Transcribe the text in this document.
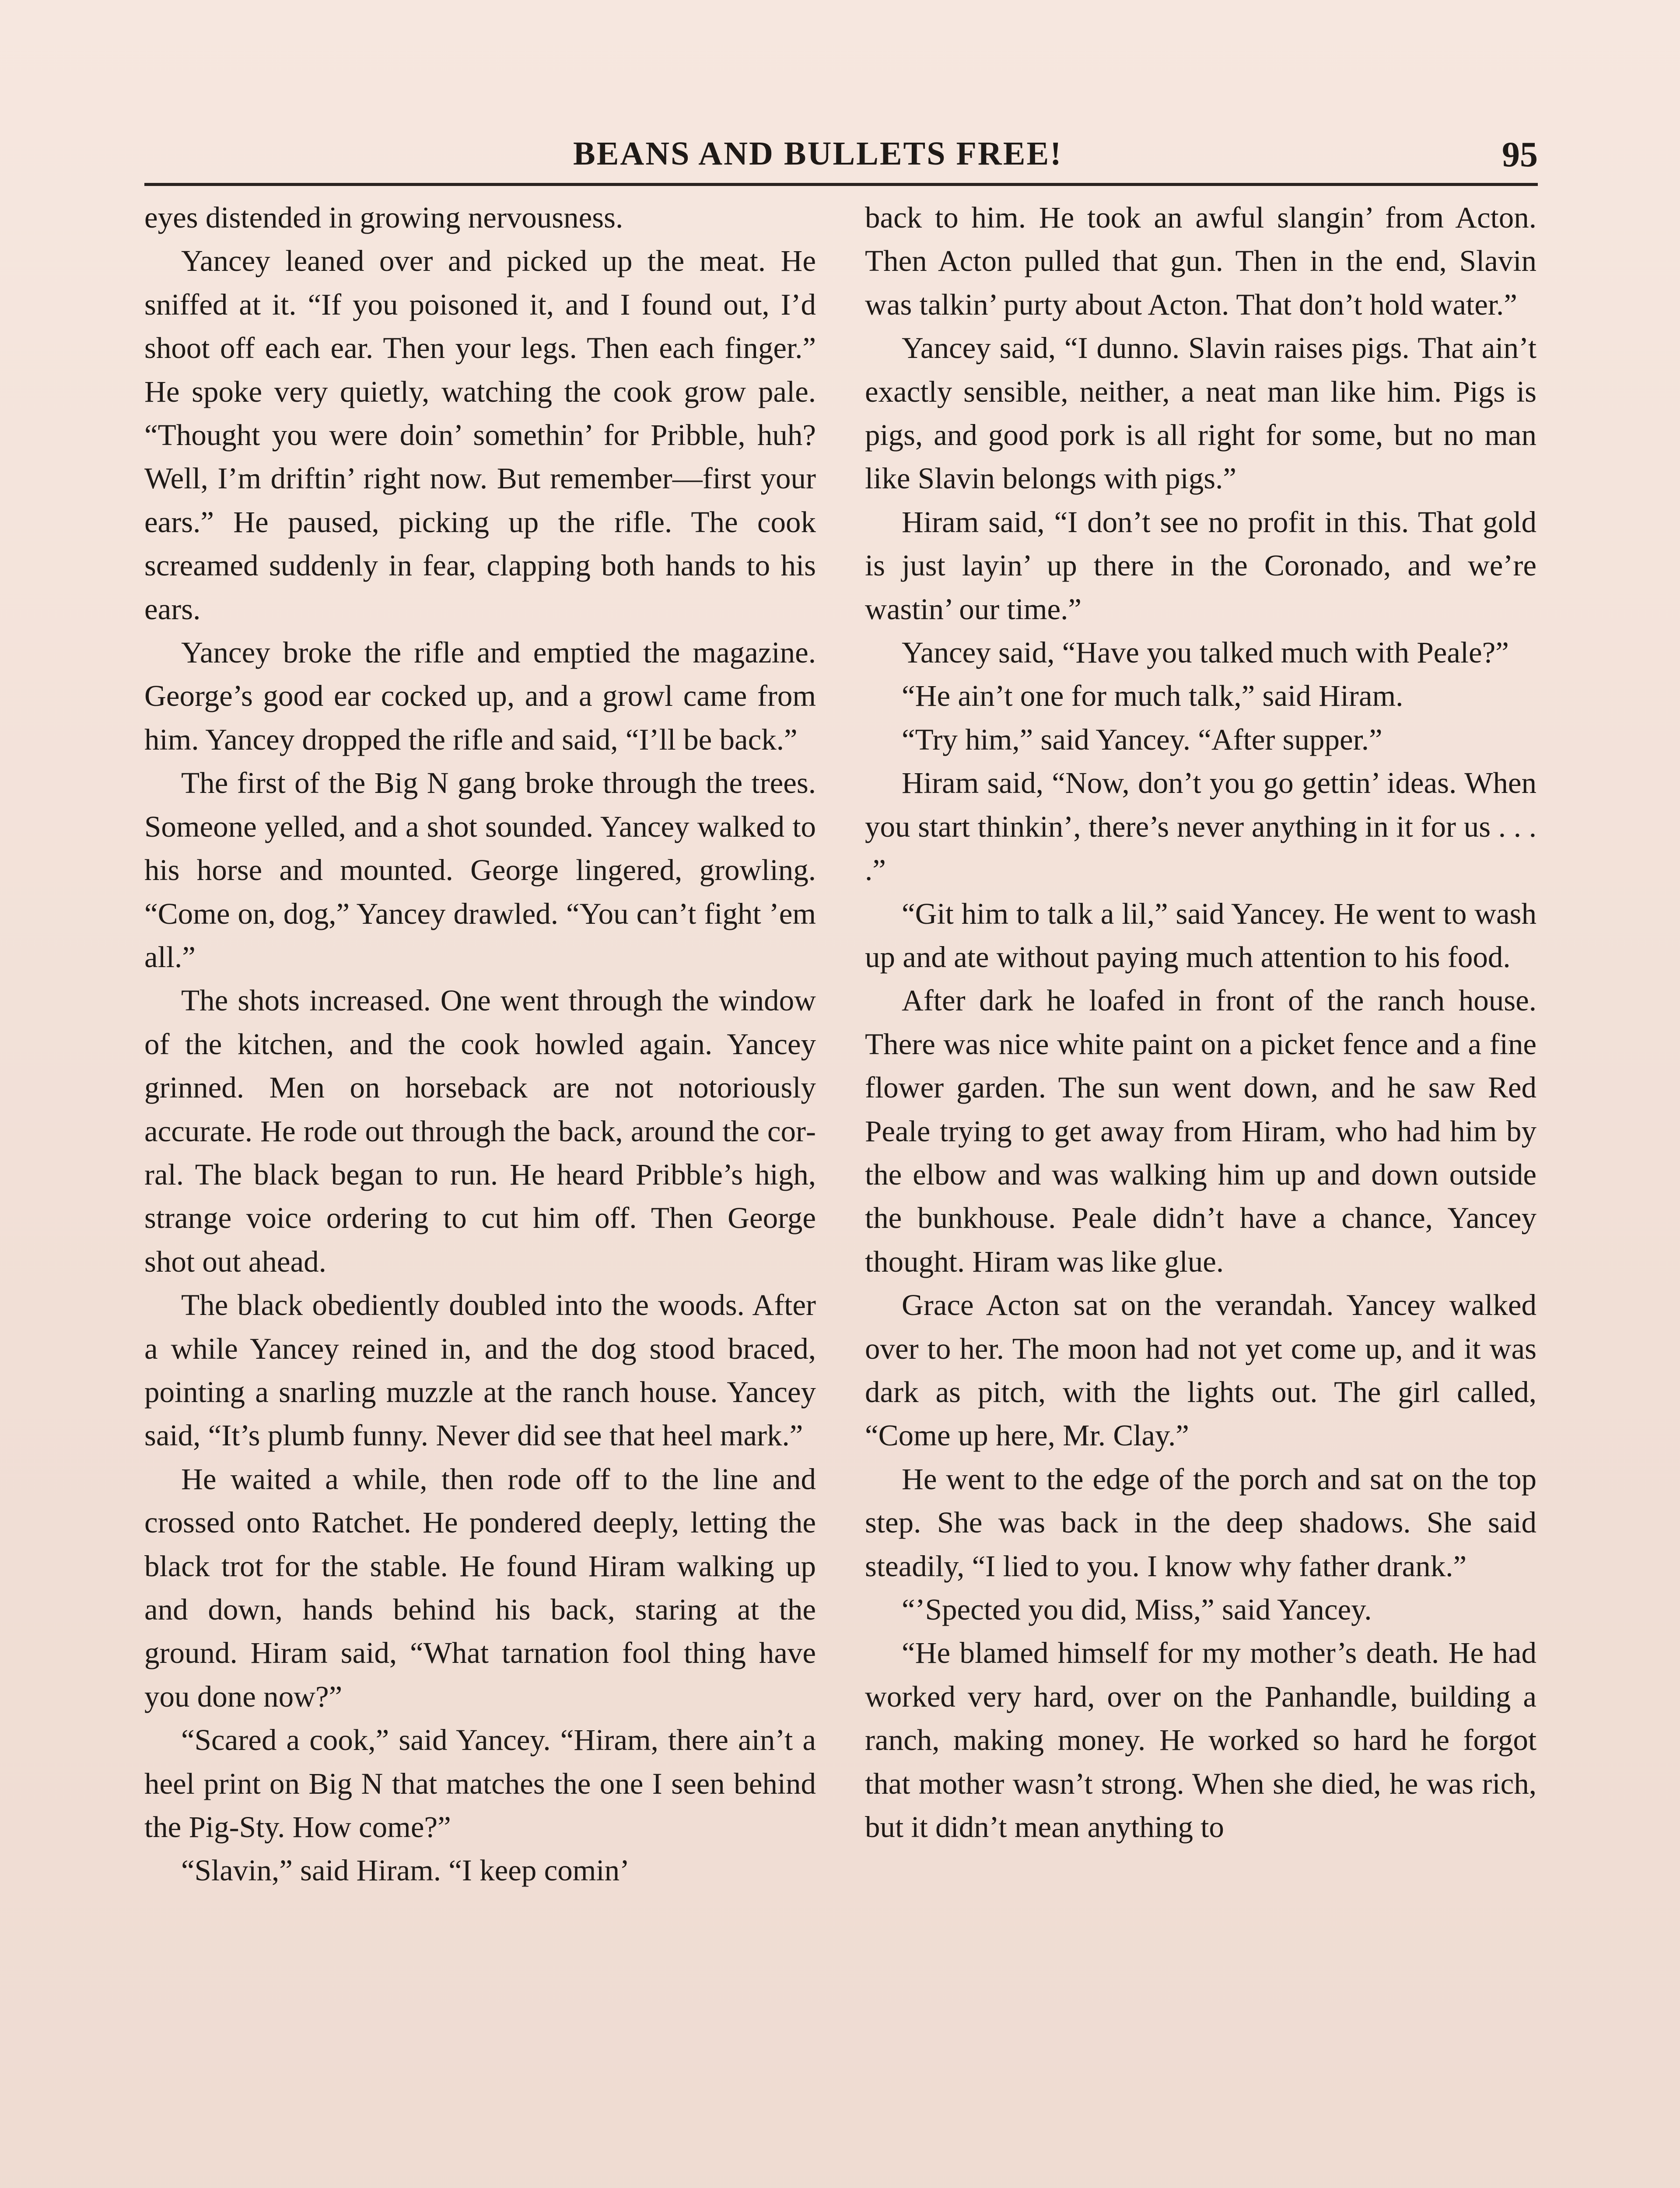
BEANS AND BULLETS FREE!	95

eyes distended in growing nervousness.

Yancey leaned over and picked up the meat. He sniffed at it. “If you poisoned it, and I found out, I’d shoot off each ear. Then your legs. Then each finger.” He spoke very quietly, watching the cook grow pale. “Thought you were doin’ somethin’ for Pribble, huh? Well, I’m driftin’ right now. But remember—first your ears.” He paused, picking up the rifle. The cook screamed suddenly in fear, clapping both hands to his ears.

Yancey broke the rifle and emptied the magazine. George’s good ear cocked up, and a growl came from him. Yancey dropped the rifle and said, “I’ll be back.”

The first of the Big N gang broke through the trees. Someone yelled, and a shot sounded. Yancey walked to his horse and mounted. George lingered, growling. “Come on, dog,” Yancey drawled. “You can’t fight ’em all.”

The shots increased. One went through the window of the kitchen, and the cook howled again. Yancey grinned. Men on horseback are not notoriously accurate. He rode out through the back, around the corral. The black began to run. He heard Pribble’s high, strange voice ordering to cut him off. Then George shot out ahead.

The black obediently doubled into the woods. After a while Yancey reined in, and the dog stood braced, pointing a snarling muzzle at the ranch house. Yancey said, “It’s plumb funny. Never did see that heel mark.”

He waited a while, then rode off to the line and crossed onto Ratchet. He pondered deeply, letting the black trot for the stable. He found Hiram walking up and down, hands behind his back, staring at the ground. Hiram said, “What tarnation fool thing have you done now?”

“Scared a cook,” said Yancey. “Hiram, there ain’t a heel print on Big N that matches the one I seen behind the Pig-Sty. How come?”

“Slavin,” said Hiram. “I keep comin’

back to him. He took an awful slangin’ from Acton. Then Acton pulled that gun. Then in the end, Slavin was talkin’ purty about Acton. That don’t hold water.”

Yancey said, “I dunno. Slavin raises pigs. That ain’t exactly sensible, neither, a neat man like him. Pigs is pigs, and good pork is all right for some, but no man like Slavin belongs with pigs.”

Hiram said, “I don’t see no profit in this. That gold is just layin’ up there in the Coronado, and we’re wastin’ our time.”

Yancey said, “Have you talked much with Peale?”

“He ain’t one for much talk,” said Hiram.

“Try him,” said Yancey. “After supper.”

Hiram said, “Now, don’t you go gettin’ ideas. When you start thinkin’, there’s never anything in it for us . . . .”

“Git him to talk a lil,” said Yancey. He went to wash up and ate without paying much attention to his food.

After dark he loafed in front of the ranch house. There was nice white paint on a picket fence and a fine flower garden. The sun went down, and he saw Red Peale trying to get away from Hiram, who had him by the elbow and was walking him up and down outside the bunkhouse. Peale didn’t have a chance, Yancey thought. Hiram was like glue.

Grace Acton sat on the verandah. Yancey walked over to her. The moon had not yet come up, and it was dark as pitch, with the lights out. The girl called, “Come up here, Mr. Clay.”

He went to the edge of the porch and sat on the top step. She was back in the deep shadows. She said steadily, “I lied to you. I know why father drank.”

“’Spected you did, Miss,” said Yancey.

“He blamed himself for my mother’s death. He had worked very hard, over on the Panhandle, building a ranch, making money. He worked so hard he forgot that mother wasn’t strong. When she died, he was rich, but it didn’t mean anything to
